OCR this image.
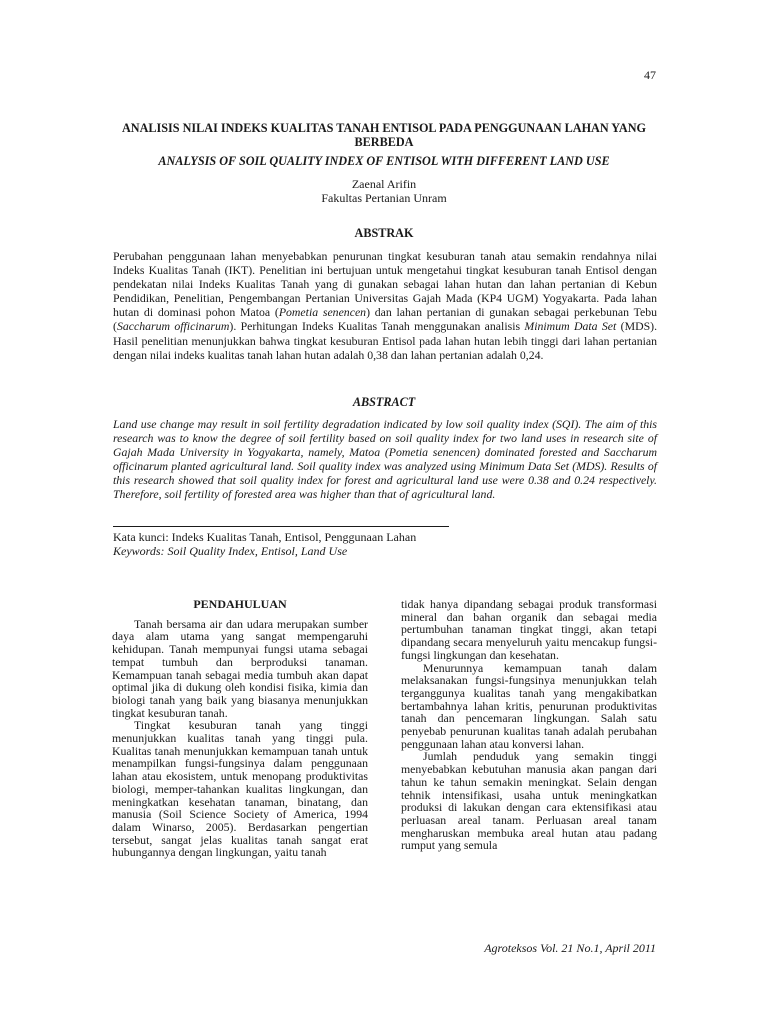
47
ANALISIS NILAI INDEKS KUALITAS TANAH ENTISOL PADA PENGGUNAAN LAHAN YANG BERBEDA
ANALYSIS OF SOIL QUALITY INDEX OF ENTISOL WITH DIFFERENT LAND USE
Zaenal Arifin
Fakultas Pertanian Unram
ABSTRAK

Perubahan penggunaan lahan menyebabkan penurunan tingkat kesuburan tanah atau semakin rendahnya nilai Indeks Kualitas Tanah (IKT). Penelitian ini bertujuan untuk mengetahui tingkat kesuburan tanah Entisol dengan pendekatan nilai Indeks Kualitas Tanah yang di gunakan sebagai lahan hutan dan lahan pertanian di Kebun Pendidikan, Penelitian, Pengembangan Pertanian Universitas Gajah Mada (KP4 UGM) Yogyakarta. Pada lahan hutan di dominasi pohon Matoa (Pometia senencen) dan lahan pertanian di gunakan sebagai perkebunan Tebu (Saccharum officinarum). Perhitungan Indeks Kualitas Tanah menggunakan analisis Minimum Data Set (MDS). Hasil penelitian menunjukkan bahwa tingkat kesuburan Entisol pada lahan hutan lebih tinggi dari lahan pertanian dengan nilai indeks kualitas tanah lahan hutan adalah 0,38 dan lahan pertanian adalah 0,24.

ABSTRACT

Land use change may result in soil fertility degradation indicated by low soil quality index (SQI). The aim of this research was to know the degree of soil fertility based on soil quality index for two land uses in research site of Gajah Mada University in Yogyakarta, namely, Matoa (Pometia senencen) dominated forested and Saccharum officinarum planted agricultural land. Soil quality index was analyzed using Minimum Data Set (MDS). Results of this research showed that soil quality index for forest and agricultural land use were 0.38 and 0.24 respectively. Therefore, soil fertility of forested area was higher than that of agricultural land.

Kata kunci: Indeks Kualitas Tanah, Entisol, Penggunaan Lahan
Keywords: Soil Quality Index, Entisol, Land Use
PENDAHULUAN

Tanah bersama air dan udara merupakan sumber daya alam utama yang sangat mempengaruhi kehidupan. Tanah mempunyai fungsi utama sebagai tempat tumbuh dan berproduksi tanaman. Kemampuan tanah sebagai media tumbuh akan dapat optimal jika di dukung oleh kondisi fisika, kimia dan biologi tanah yang baik yang biasanya menunjukkan tingkat kesuburan tanah.

Tingkat kesuburan tanah yang tinggi menunjukkan kualitas tanah yang tinggi pula. Kualitas tanah menunjukkan kemampuan tanah untuk menampilkan fungsi-fungsinya dalam penggunaan lahan atau ekosistem, untuk menopang produktivitas biologi, memper-tahankan kualitas lingkungan, dan meningkatkan kesehatan tanaman, binatang, dan manusia (Soil Science Society of America, 1994 dalam Winarso, 2005). Berdasarkan pengertian tersebut, sangat jelas kualitas tanah sangat erat hubungannya dengan lingkungan, yaitu tanah

tidak hanya dipandang sebagai produk transformasi mineral dan bahan organik dan sebagai media pertumbuhan tanaman tingkat tinggi, akan tetapi dipandang secara menyeluruh yaitu mencakup fungsi-fungsi lingkungan dan kesehatan.

Menurunnya kemampuan tanah dalam melaksanakan fungsi-fungsinya menunjukkan telah terganggunya kualitas tanah yang mengakibatkan bertambahnya lahan kritis, penurunan produktivitas tanah dan pencemaran lingkungan. Salah satu penyebab penurunan kualitas tanah adalah perubahan penggunaan lahan atau konversi lahan.

Jumlah penduduk yang semakin tinggi menyebabkan kebutuhan manusia akan pangan dari tahun ke tahun semakin meningkat. Selain dengan tehnik intensifikasi, usaha untuk meningkatkan produksi di lakukan dengan cara ektensifikasi atau perluasan areal tanam. Perluasan areal tanam mengharuskan membuka areal hutan atau padang rumput yang semula

Agroteksos Vol. 21 No.1, April 2011
